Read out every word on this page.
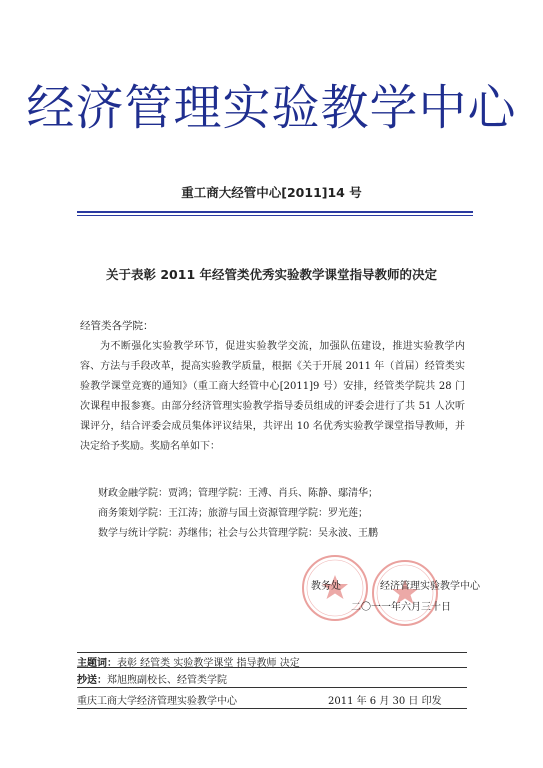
经济管理实验教学中心
重工商大经管中心[2011]14 号
关于表彰 2011 年经管类优秀实验教学课堂指导教师的决定
经管类各学院：

为不断强化实验教学环节，促进实验教学交流，加强队伍建设，推进实验教学内容、方法与手段改革，提高实验教学质量，根据《关于开展 2011 年（首届）经管类实验教学课堂竞赛的通知》（重工商大经管中心[2011]9 号）安排，经管类学院共 28 门次课程申报参赛。由部分经济管理实验教学指导委员组成的评委会进行了共 51 人次听课评分，结合评委会成员集体评议结果，共评出 10 名优秀实验教学课堂指导教师，并决定给予奖励。奖励名单如下：

财政金融学院：贾鸿；管理学院：王溥、肖兵、陈静、鄢清华；
商务策划学院：王江涛；旅游与国土资源管理学院：罗光莲；
数学与统计学院：苏继伟；社会与公共管理学院：吴永波、王鹏
教务处	经济管理实验教学中心
二〇一一年六月三十日
主题词：表彰 经管类 实验教学课堂 指导教师 决定
抄送：郑旭煦副校长、经管类学院
重庆工商大学经济管理实验教学中心	2011 年 6 月 30 日 印发
